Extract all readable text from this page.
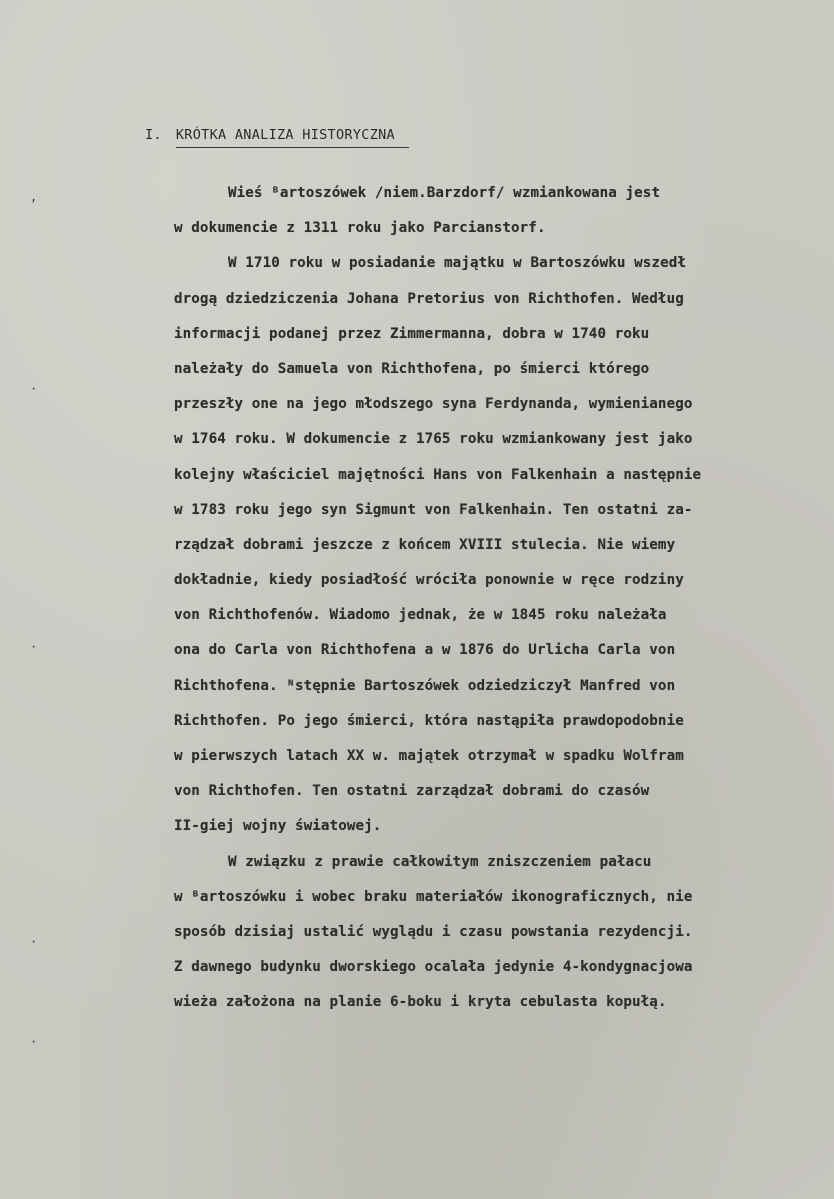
I. KRÓTKA ANALIZA HISTORYCZNA
Wieś ᴮartoszówek /niem.Barzdorf/ wzmiankowana jest
w dokumencie z 1311 roku jako Parcianstorf.
W 1710 roku w posiadanie majątku w Bartoszówku wszedł
drogą dziedziczenia Johana Pretorius von Richthofen. Według
informacji podanej przez Zimmermanna, dobra w 1740 roku
należały do Samuela von Richthofena, po śmierci którego
przeszły one na jego młodszego syna Ferdynanda, wymienianego
w 1764 roku. W dokumencie z 1765 roku wzmiankowany jest jako
kolejny właściciel majętności Hans von Falkenhain a następnie
w 1783 roku jego syn Sigmunt von Falkenhain. Ten ostatni za-
rządzał dobrami jeszcze z końcem XVIII stulecia. Nie wiemy
dokładnie, kiedy posiadłość wróciła ponownie w ręce rodziny
von Richthofenów. Wiadomo jednak, że w 1845 roku należała
ona do Carla von Richthofena a w 1876 do Urlicha Carla von
Richthofena. ᴺstępnie Bartoszówek odziedziczył Manfred von
Richthofen. Po jego śmierci, która nastąpiła prawdopodobnie
w pierwszych latach XX w. majątek otrzymał w spadku Wolfram
von Richthofen. Ten ostatni zarządzał dobrami do czasów
II-giej wojny światowej.
W związku z prawie całkowitym zniszczeniem pałacu
w ᴮartoszówku i wobec braku materiałów ikonograficznych, nie
sposób dzisiaj ustalić wyglądu i czasu powstania rezydencji.
Z dawnego budynku dworskiego ocalała jedynie 4-kondygnacjowa
wieża założona na planie 6-boku i kryta cebulasta kopułą.
‚
·
·
·
·
